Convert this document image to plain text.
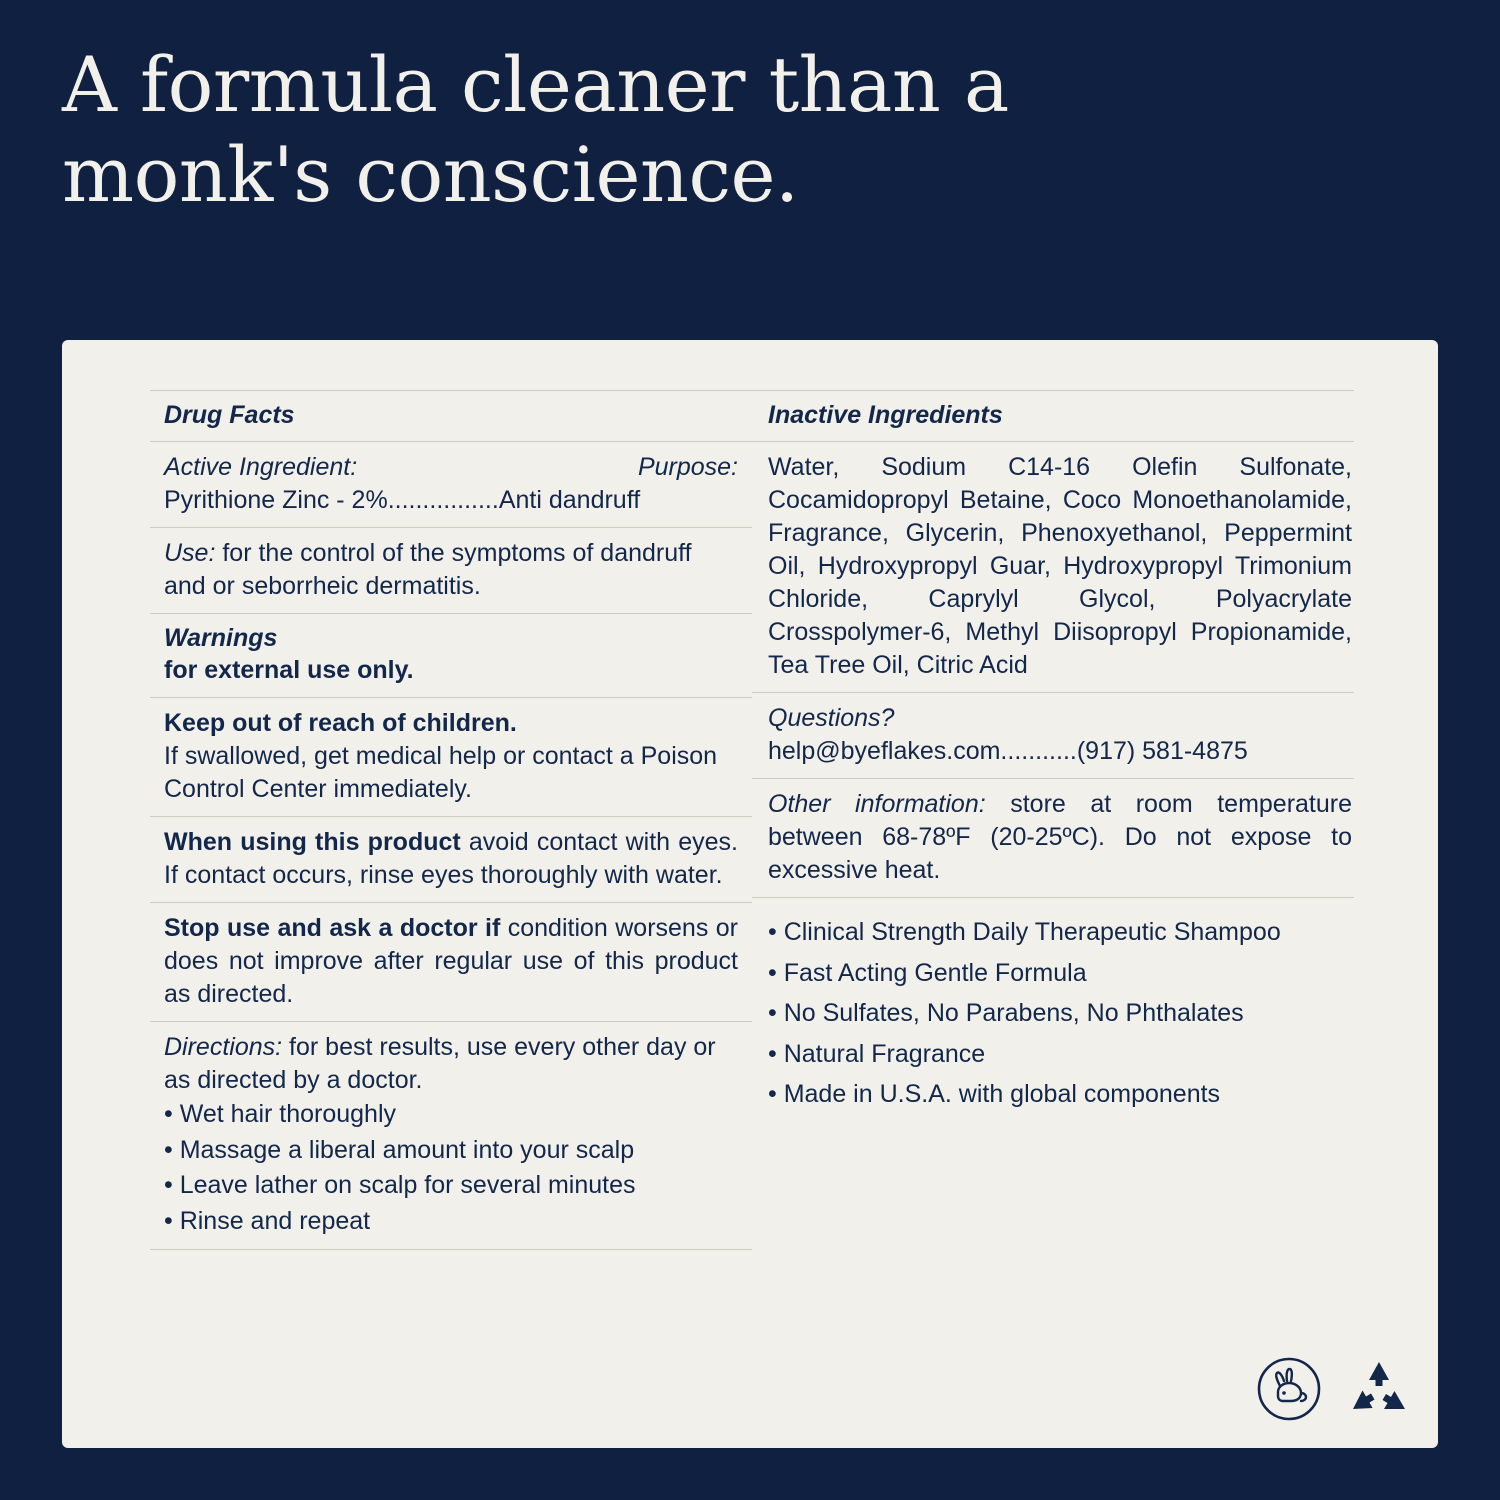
A formula cleaner than a monk's conscience.
Drug Facts
Active Ingredient:	Purpose:
Pyrithione Zinc - 2%................Anti dandruff
Use: for the control of the symptoms of dandruff and or seborrheic dermatitis.
Warnings
for external use only.
Keep out of reach of children.
If swallowed, get medical help or contact a Poison Control Center immediately.
When using this product avoid contact with eyes. If contact occurs, rinse eyes thoroughly with water.
Stop use and ask a doctor if condition worsens or does not improve after regular use of this product as directed.
Directions: for best results, use every other day or as directed by a doctor.
• Wet hair thoroughly
• Massage a liberal amount into your scalp
• Leave lather on scalp for several minutes
• Rinse and repeat
Inactive Ingredients
Water, Sodium C14-16 Olefin Sulfonate, Cocamidopropyl Betaine, Coco Monoethanolamide, Fragrance, Glycerin, Phenoxyethanol, Peppermint Oil, Hydroxypropyl Guar, Hydroxypropyl Trimonium Chloride, Caprylyl Glycol, Polyacrylate Crosspolymer-6, Methyl Diisopropyl Propionamide, Tea Tree Oil, Citric Acid
Questions?
help@byeflakes.com...........(917) 581-4875
Other information: store at room temperature between 68-78ºF (20-25ºC). Do not expose to excessive heat.
• Clinical Strength Daily Therapeutic Shampoo
• Fast Acting Gentle Formula
• No Sulfates, No Parabens, No Phthalates
• Natural Fragrance
• Made in U.S.A. with global components
